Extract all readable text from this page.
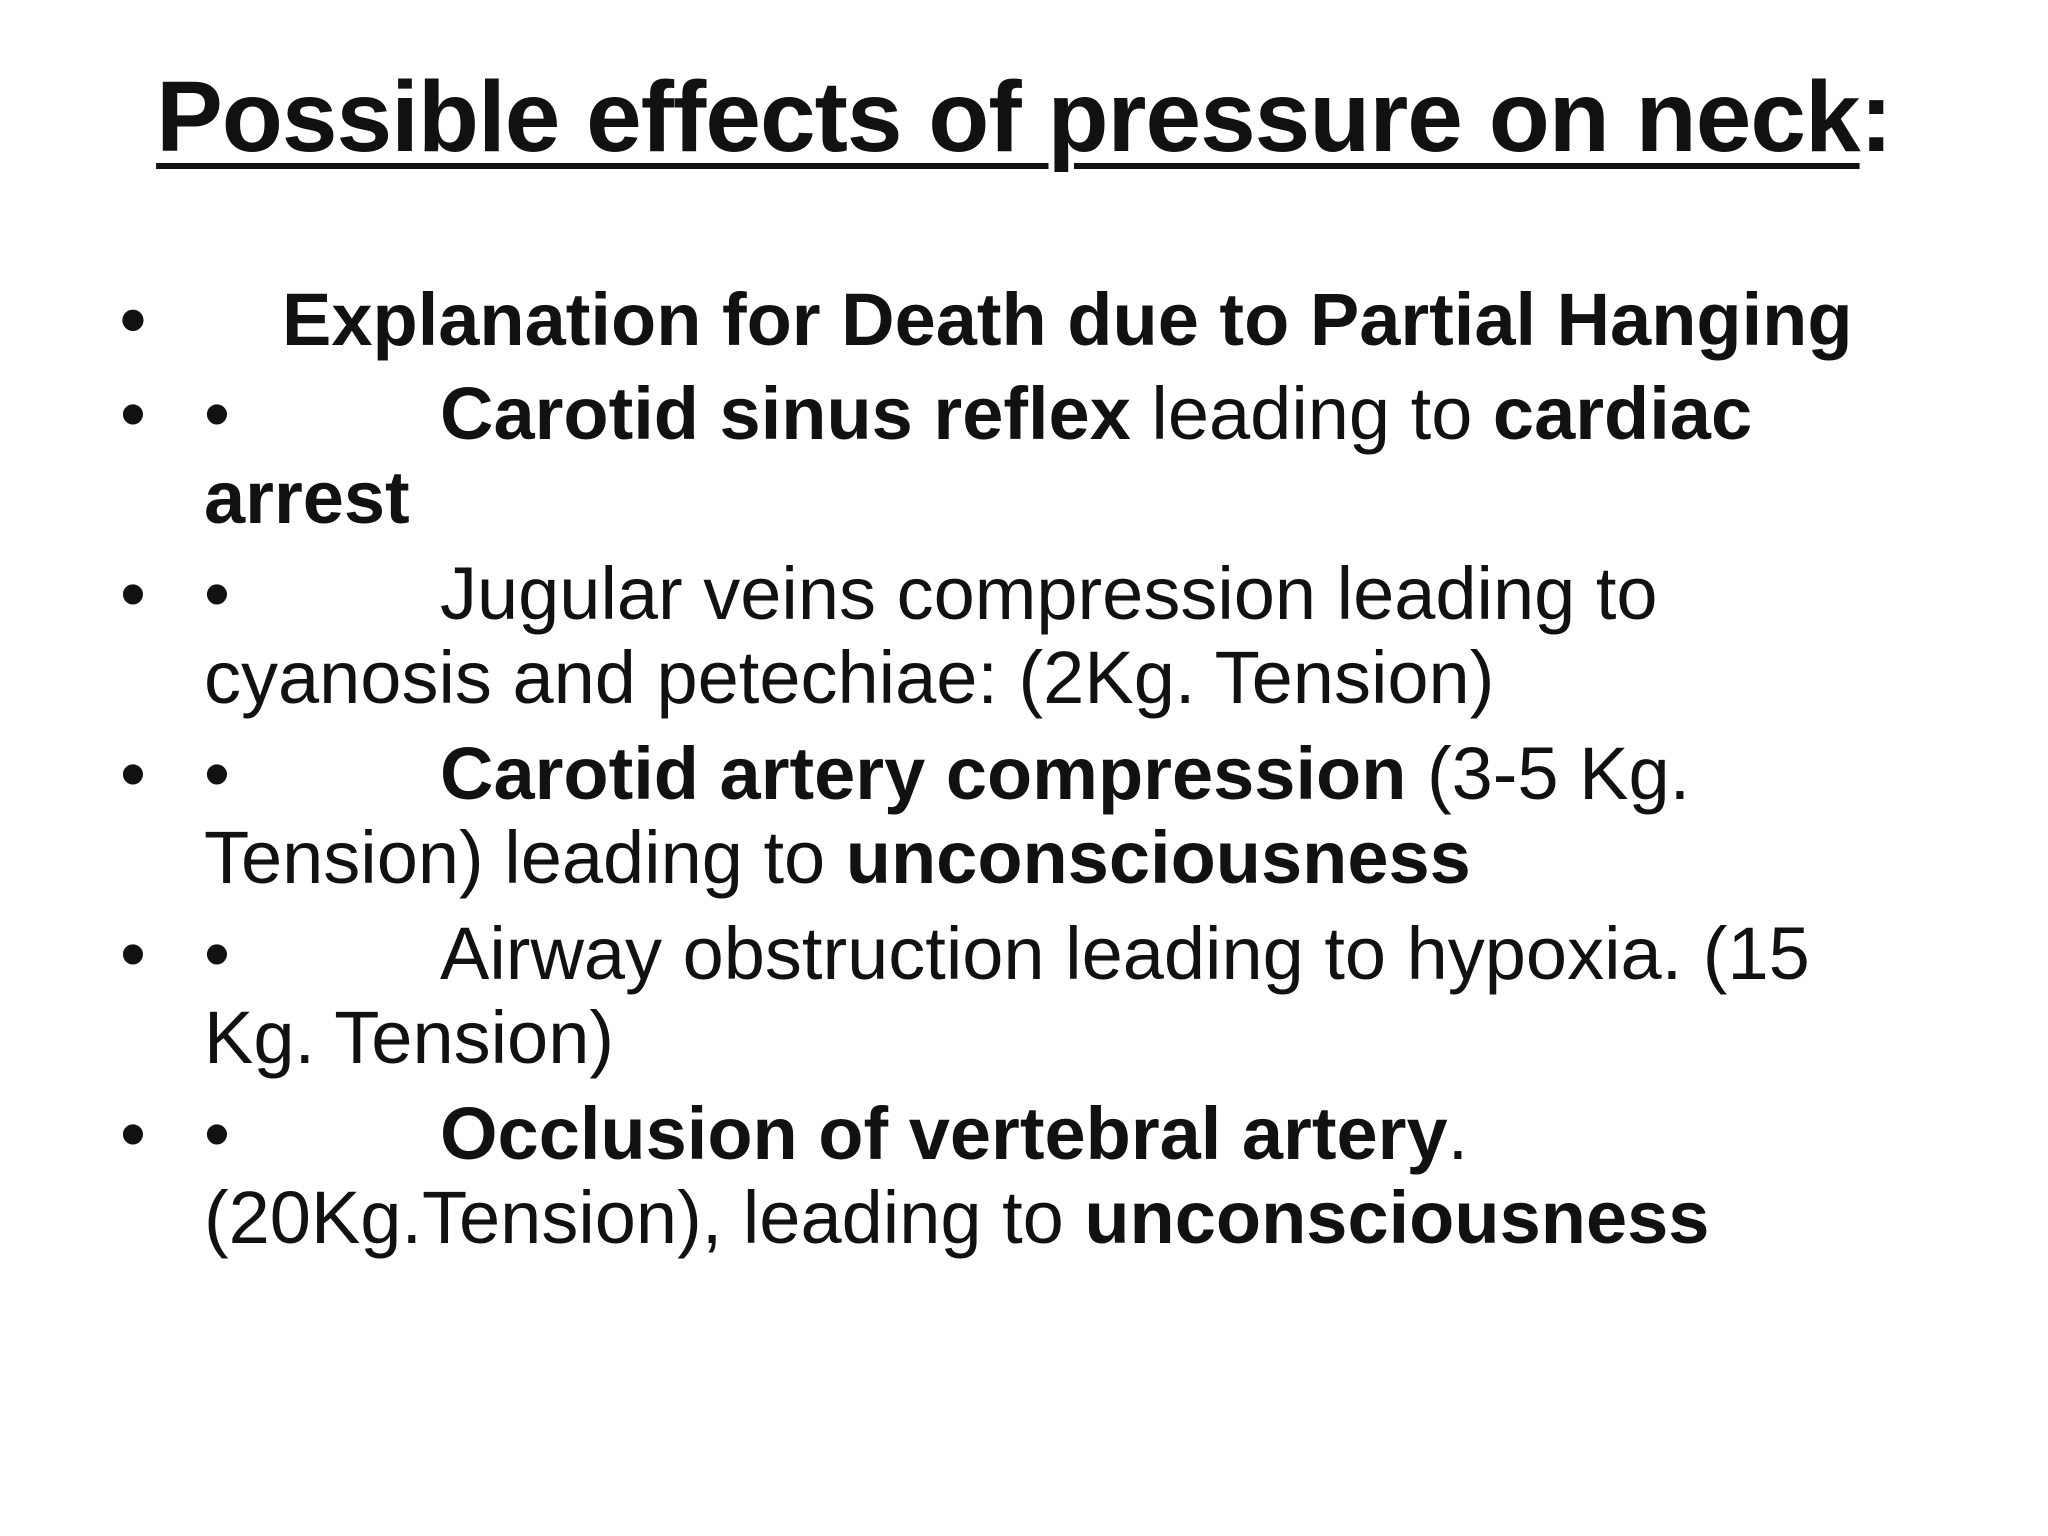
Possible effects of pressure on neck:
•	Explanation for Death due to Partial Hanging
• •	Carotid sinus reflex leading to cardiac arrest
• •	Jugular veins compression leading to cyanosis and petechiae: (2Kg. Tension)
• •	Carotid artery compression (3-5 Kg. Tension) leading to unconsciousness
• •	Airway obstruction leading to hypoxia. (15 Kg. Tension)
• •	Occlusion of vertebral artery. (20Kg.Tension), leading to unconsciousness
